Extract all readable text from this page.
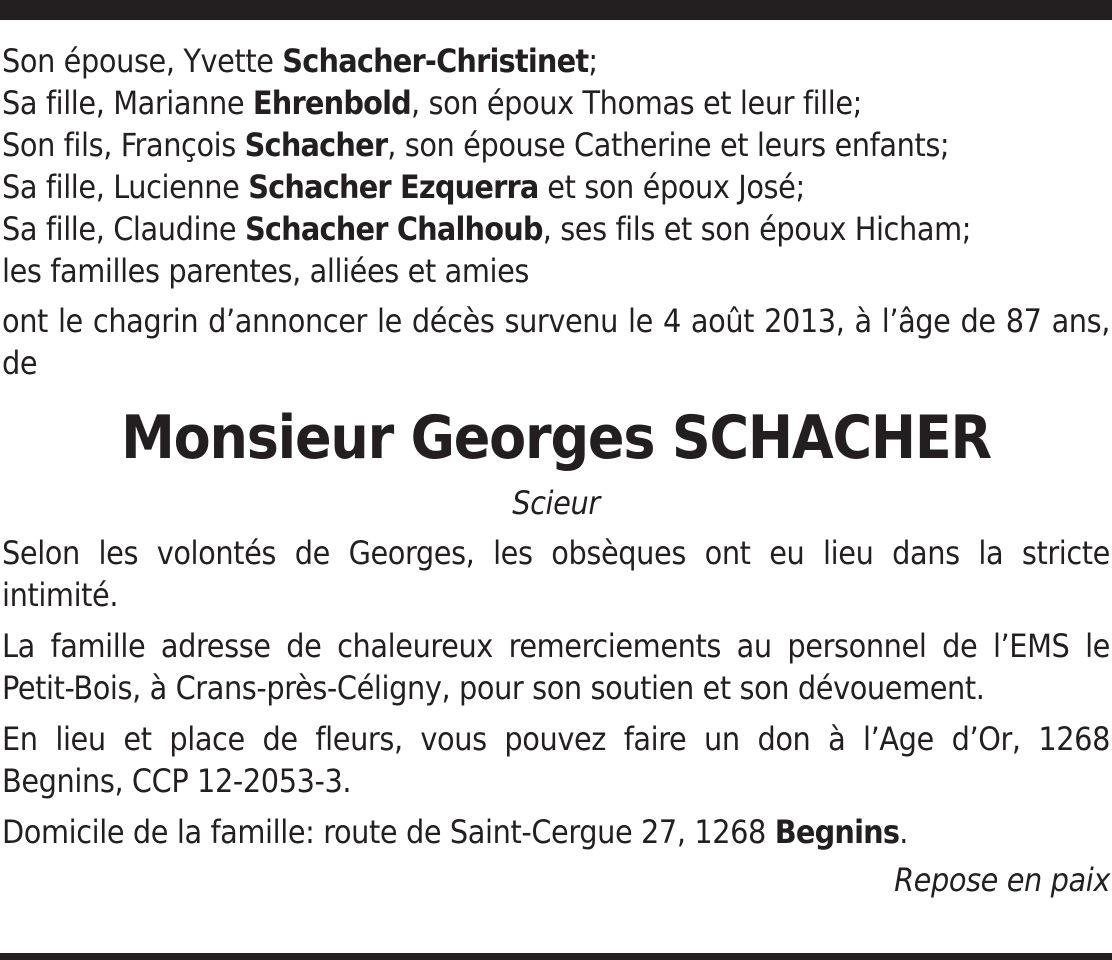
Son épouse, Yvette Schacher-Christinet;
Sa fille, Marianne Ehrenbold, son époux Thomas et leur fille;
Son fils, François Schacher, son épouse Catherine et leurs enfants;
Sa fille, Lucienne Schacher Ezquerra et son époux José;
Sa fille, Claudine Schacher Chalhoub, ses fils et son époux Hicham;
les familles parentes, alliées et amies

ont le chagrin d’annoncer le décès survenu le 4 août 2013, à l’âge de 87 ans, de

Monsieur Georges SCHACHER
Scieur

Selon les volontés de Georges, les obsèques ont eu lieu dans la stricte intimité.

La famille adresse de chaleureux remerciements au personnel de l’EMS le Petit-Bois, à Crans-près-Céligny, pour son soutien et son dévouement.

En lieu et place de fleurs, vous pouvez faire un don à l’Age d’Or, 1268 Begnins, CCP 12-2053-3.

Domicile de la famille: route de Saint-Cergue 27, 1268 Begnins.

Repose en paix
